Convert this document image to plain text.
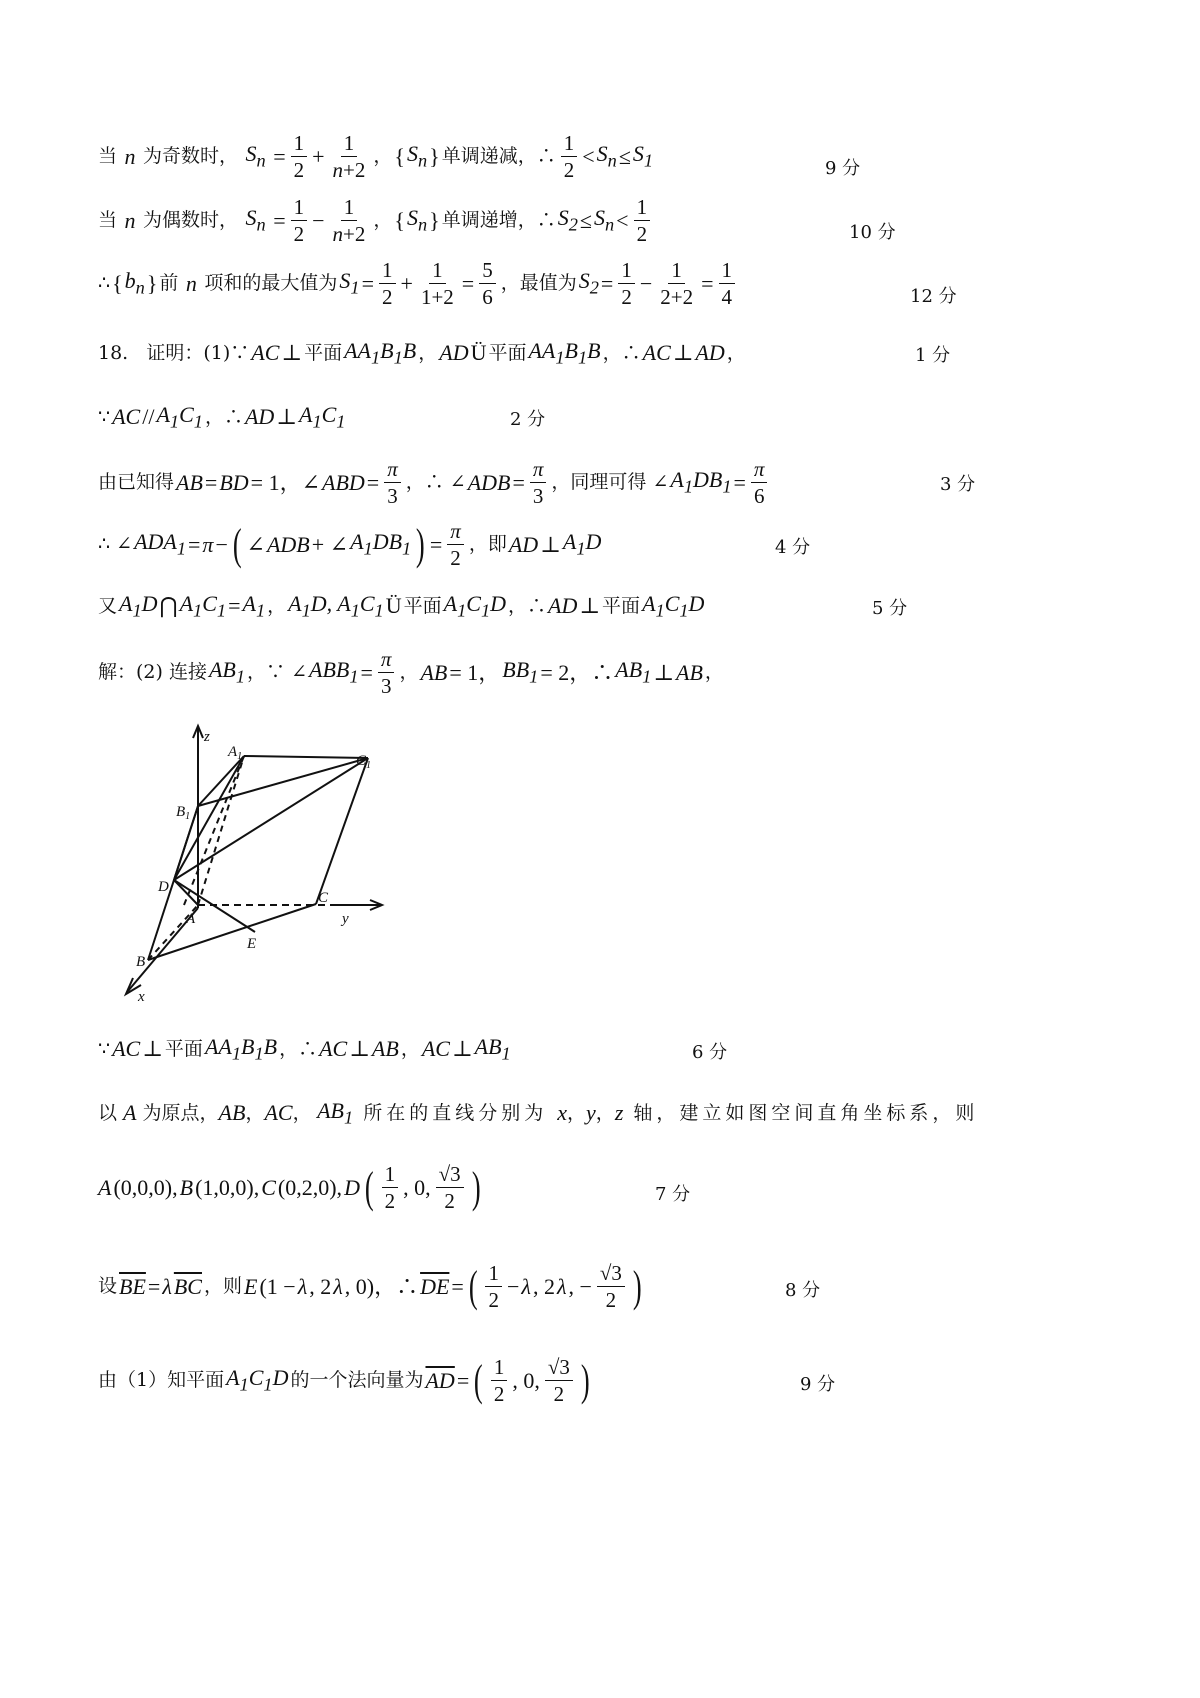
当 n 为奇数时， $S_n = \frac{1}{2} + \frac{1}{n+2}$ ， { $S_n$ } 单调递减，∴ $\frac{1}{2} < S_n \le S_1$	9 分
当 n 为偶数时， $S_n = \frac{1}{2} - \frac{1}{n+2}$ ， { $S_n$ } 单调递增，∴ $S_2 \le S_n < \frac{1}{2}$	10 分
∴ { $b_n$ } 前 n 项和的最大值为 $S_1 = \frac{1}{2} + \frac{1}{1+2} = \frac{5}{6}$ ，最值为 $S_2 = \frac{1}{2} - \frac{1}{2+2} = \frac{1}{4}$	12 分
18.   证明：(1)∵ AC ⊥ 平面 $AA_1B_1B$ ， AD Ü 平面 $AA_1B_1B$ ，∴ AC ⊥ AD ，	1 分
∵ AC // $A_1C_1$ ，∴ AD ⊥ $A_1C_1$	2 分
由已知得 AB = BD = 1，∠ ABD = $\frac{\pi}{3}$ ，∴ ∠ ADB = $\frac{\pi}{3}$ ，同理可得 ∠ $A_1DB_1 = \frac{\pi}{6}$	3 分
∴ ∠ $ADA_1 = \pi$ − ( ∠ ADB + ∠ $A_1DB_1$ ) = $\frac{\pi}{2}$ ，即 AD ⊥ $A_1D$	4 分
又 $A_1D$ ⋂ $A_1C_1 = A_1$ ， $A_1D$, $A_1C_1$ Ü 平面 $A_1C_1D$ ，∴ AD ⊥ 平面 $A_1C_1D$	5 分
解：(2) 连接 $AB_1$ ，∵ ∠ $ABB_1 = \frac{\pi}{3}$ ， AB = 1， $BB_1 = 2$，∴ $AB_1$ ⊥ AB ，
z
$A_1$	$C_1$
$B_1$
D
C
y
A
E
B
x
∵ AC ⊥ 平面 $AA_1B_1B$ ，∴ AC ⊥ AB ， AC ⊥ $AB_1$	6 分
以 A 为原点， AB ， AC ， $AB_1$ 所在的直线分别为 x ， y ， z 轴，建立如图空间直角坐标系，则
A (0,0,0), B (1,0,0), C (0,2,0), D ( $\frac{1}{2}$ , 0, $\frac{√3}{2}$ )	7 分
设 $\overline{BE} = \lambda$ $\overline{BC}$ ，则 E (1 − λ , 2 λ , 0)，∴ $\overline{DE}$ = ( $\frac{1}{2} - \lambda$ , 2 λ , − $\frac{√3}{2}$ )	8 分
由（1）知平面 $A_1C_1D$ 的一个法向量为 $\overline{AD}$ = ( $\frac{1}{2}$ , 0, $\frac{√3}{2}$ )	9 分
